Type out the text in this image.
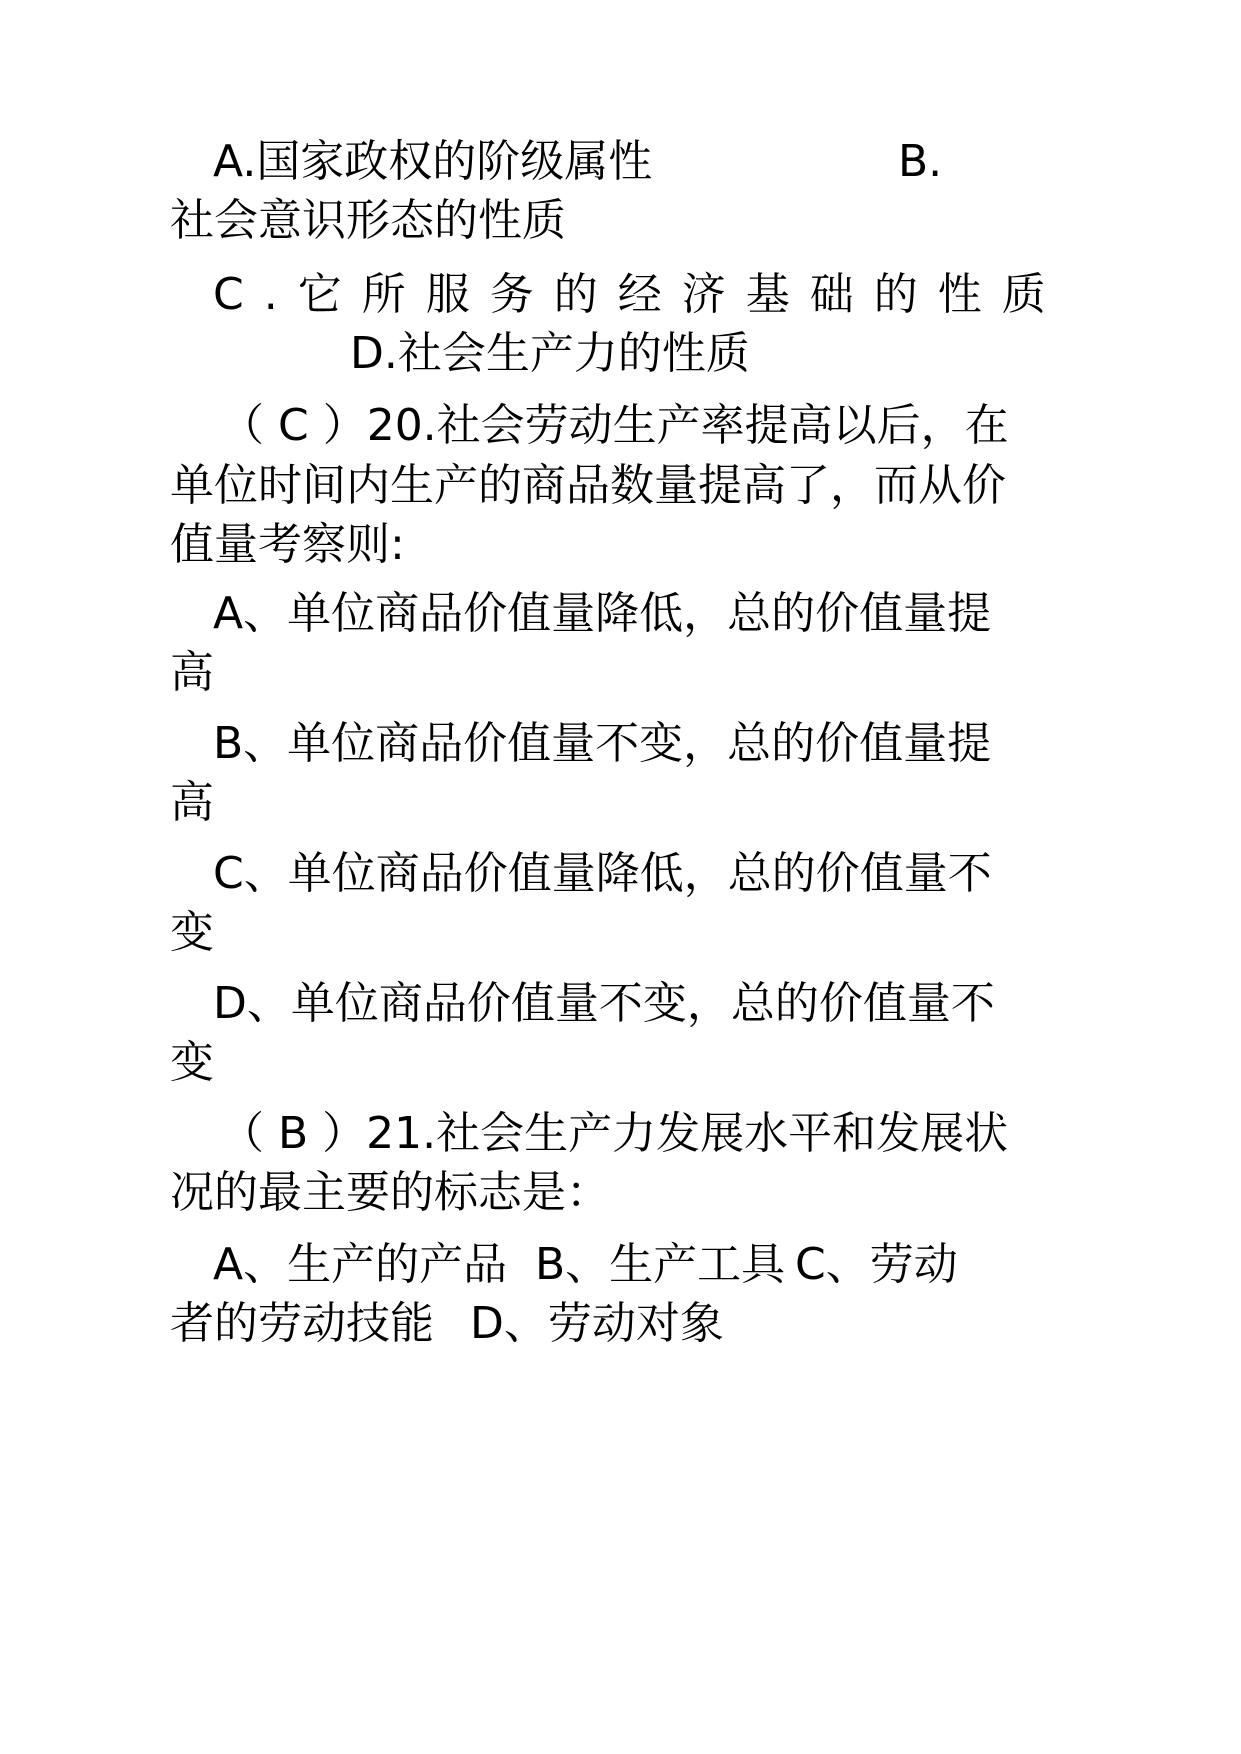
A.国家政权的阶级属性	B.
社会意识形态的性质
C.它所服务的经济基础的性质
D.社会生产力的性质
（ C ）20.社会劳动生产率提高以后，在
单位时间内生产的商品数量提高了，而从价
值量考察则:
A、单位商品价值量降低，总的价值量提
高
B、单位商品价值量不变，总的价值量提
高
C、单位商品价值量降低，总的价值量不
变
D、单位商品价值量不变，总的价值量不
变
（ B ）21.社会生产力发展水平和发展状
况的最主要的标志是：
A、生产的产品 B、生产工具 C、劳动
者的劳动技能 D、劳动对象
